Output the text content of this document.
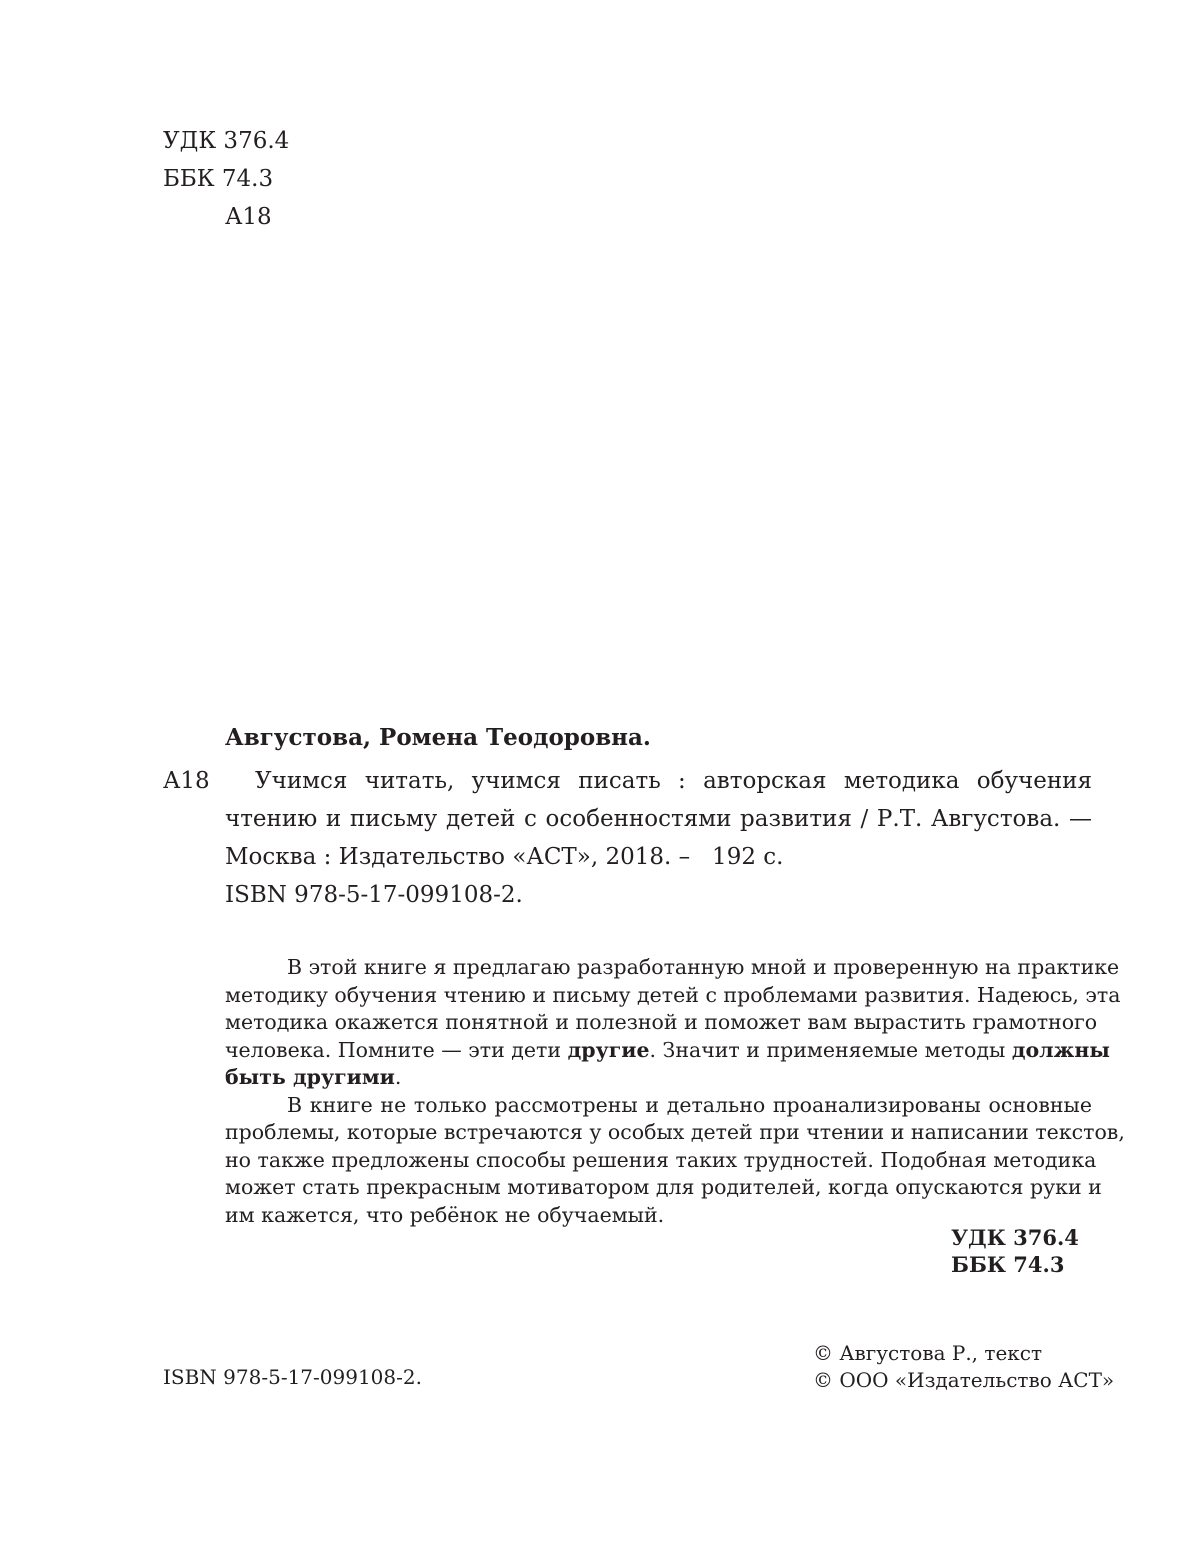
УДК 376.4
ББК 74.3
А18
Августова, Ромена Теодоровна.
А18	Учимся читать, учимся писать : авторская методика обучения
чтению и письму детей с особенностями развития / Р.Т. Августова. —
Москва : Издательство «АСТ», 2018. –   192 с.
ISBN 978-5-17-099108-2.
В этой книге я предлагаю разработанную мной и проверенную на практике
методику обучения чтению и письму детей с проблемами развития. Надеюсь, эта
методика окажется понятной и полезной и поможет вам вырастить грамотного
человека. Помните — эти дети другие. Значит и применяемые методы должны
быть другими.
В книге не только рассмотрены и детально проанализированы основные
проблемы, которые встречаются у особых детей при чтении и написании текстов,
но также предложены способы решения таких трудностей. Подобная методика
может стать прекрасным мотиватором для родителей, когда опускаются руки и
им кажется, что ребёнок не обучаемый.
УДК 376.4
ББК 74.3
ISBN 978-5-17-099108-2.
© Августова Р., текст
© ООО «Издательство АСТ»
